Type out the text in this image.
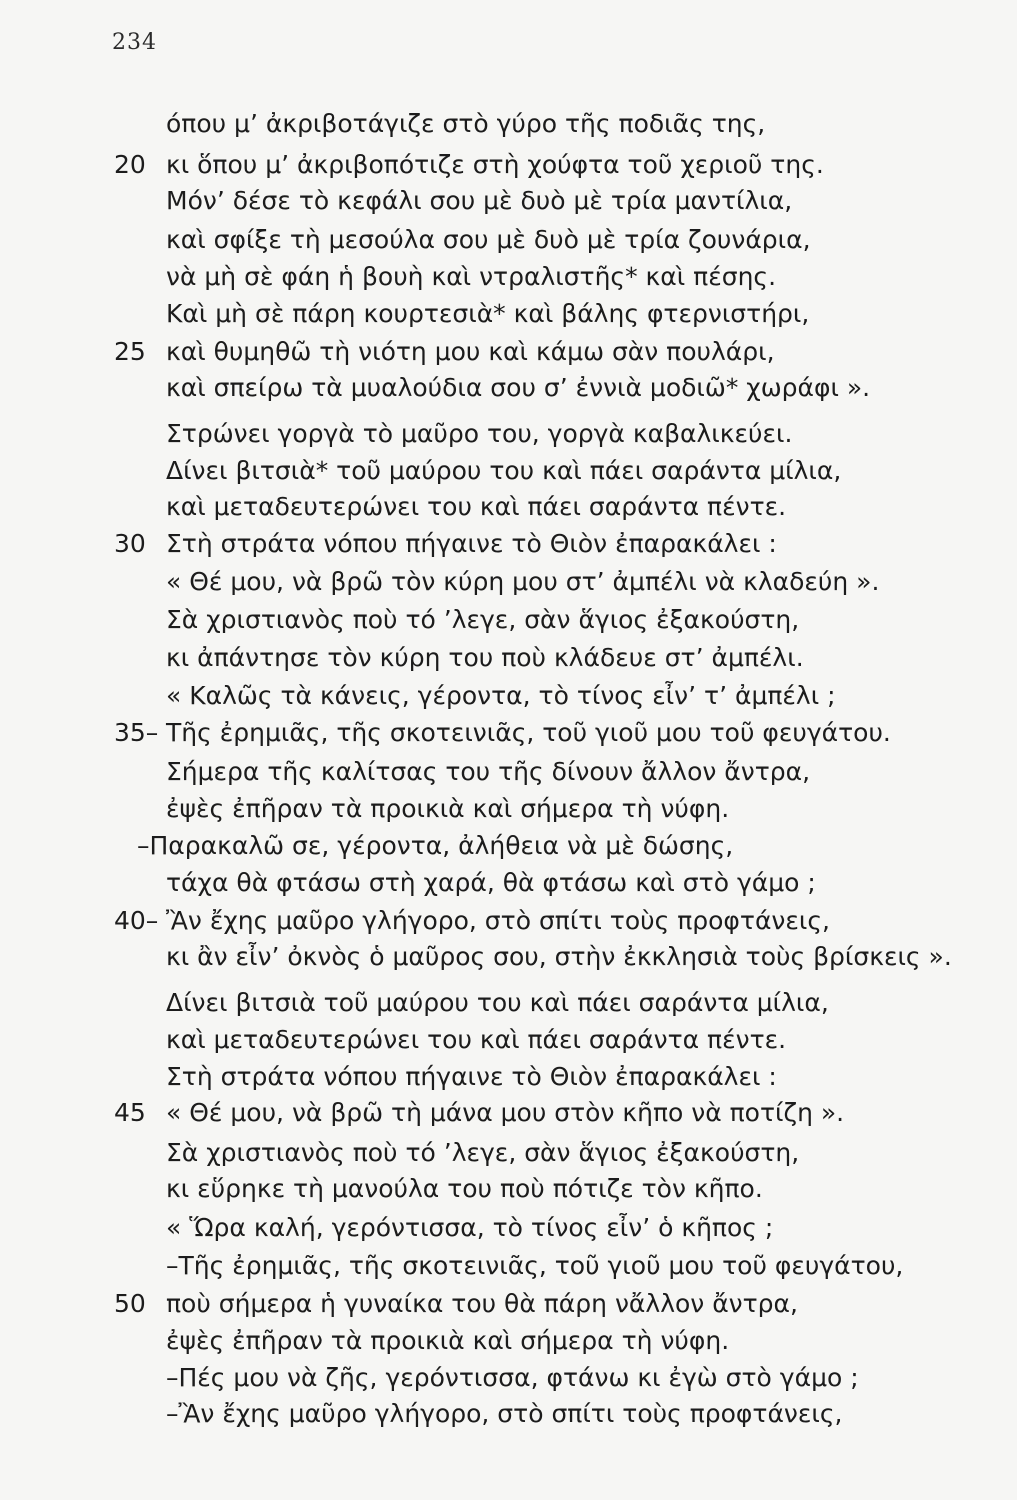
234
όπου μ’ ἀκριβοτάγιζε στὸ γύρο τῆς ποδιᾶς της,
20 κι ὅπου μ’ ἀκριβοπότιζε στὴ χούφτα τοῦ χεριοῦ της.
Μόν’ δέσε τὸ κεφάλι σου μὲ δυὸ μὲ τρία μαντίλια,
καὶ σφίξε τὴ μεσούλα σου μὲ δυὸ μὲ τρία ζουνάρια,
νὰ μὴ σὲ φάη ἡ βουὴ καὶ ντραλιστῆς* καὶ πέσης.
Καὶ μὴ σὲ πάρη κουρτεσιὰ* καὶ βάλης φτερνιστήρι,
25 καὶ θυμηθῶ τὴ νιότη μου καὶ κάμω σὰν πουλάρι,
καὶ σπείρω τὰ μυαλούδια σου σ’ ἐννιὰ μοδιῶ* χωράφι ».
Στρώνει γοργὰ τὸ μαῦρο του, γοργὰ καβαλικεύει.
Δίνει βιτσιὰ* τοῦ μαύρου του καὶ πάει σαράντα μίλια,
καὶ μεταδευτερώνει του καὶ πάει σαράντα πέντε.
30 Στὴ στράτα νόπου πήγαινε τὸ Θιὸν ἐπαρακάλει :
« Θέ μου, νὰ βρῶ τὸν κύρη μου στ’ ἀμπέλι νὰ κλαδεύη ».
Σὰ χριστιανὸς ποὺ τό ’λεγε, σὰν ἅγιος ἐξακούστη,
κι ἀπάντησε τὸν κύρη του ποὺ κλάδευε στ’ ἀμπέλι.
« Καλῶς τὰ κάνεις, γέροντα, τὸ τίνος εἶν’ τ’ ἀμπέλι ;
35– Τῆς ἐρημιᾶς, τῆς σκοτεινιᾶς, τοῦ γιοῦ μου τοῦ φευγάτου.
Σήμερα τῆς καλίτσας του τῆς δίνουν ἄλλον ἄντρα,
ἐψὲς ἐπῆραν τὰ προικιὰ καὶ σήμερα τὴ νύφη.
–Παρακαλῶ σε, γέροντα, ἀλήθεια νὰ μὲ δώσης,
τάχα θὰ φτάσω στὴ χαρά, θὰ φτάσω καὶ στὸ γάμο ;
40– Ἂν ἔχης μαῦρο γλήγορο, στὸ σπίτι τοὺς προφτάνεις,
κι ἂν εἶν’ ὀκνὸς ὁ μαῦρος σου, στὴν ἐκκλησιὰ τοὺς βρίσκεις ».
Δίνει βιτσιὰ τοῦ μαύρου του καὶ πάει σαράντα μίλια,
καὶ μεταδευτερώνει του καὶ πάει σαράντα πέντε.
Στὴ στράτα νόπου πήγαινε τὸ Θιὸν ἐπαρακάλει :
45 « Θέ μου, νὰ βρῶ τὴ μάνα μου στὸν κῆπο νὰ ποτίζη ».
Σὰ χριστιανὸς ποὺ τό ’λεγε, σὰν ἅγιος ἐξακούστη,
κι εὕρηκε τὴ μανούλα του ποὺ πότιζε τὸν κῆπο.
« Ὥρα καλή, γερόντισσα, τὸ τίνος εἶν’ ὁ κῆπος ;
–Τῆς ἐρημιᾶς, τῆς σκοτεινιᾶς, τοῦ γιοῦ μου τοῦ φευγάτου,
50 ποὺ σήμερα ἡ γυναίκα του θὰ πάρη νἄλλον ἄντρα,
ἐψὲς ἐπῆραν τὰ προικιὰ καὶ σήμερα τὴ νύφη.
–Πές μου νὰ ζῆς, γερόντισσα, φτάνω κι ἐγὼ στὸ γάμο ;
–Ἂν ἔχης μαῦρο γλήγορο, στὸ σπίτι τοὺς προφτάνεις,
